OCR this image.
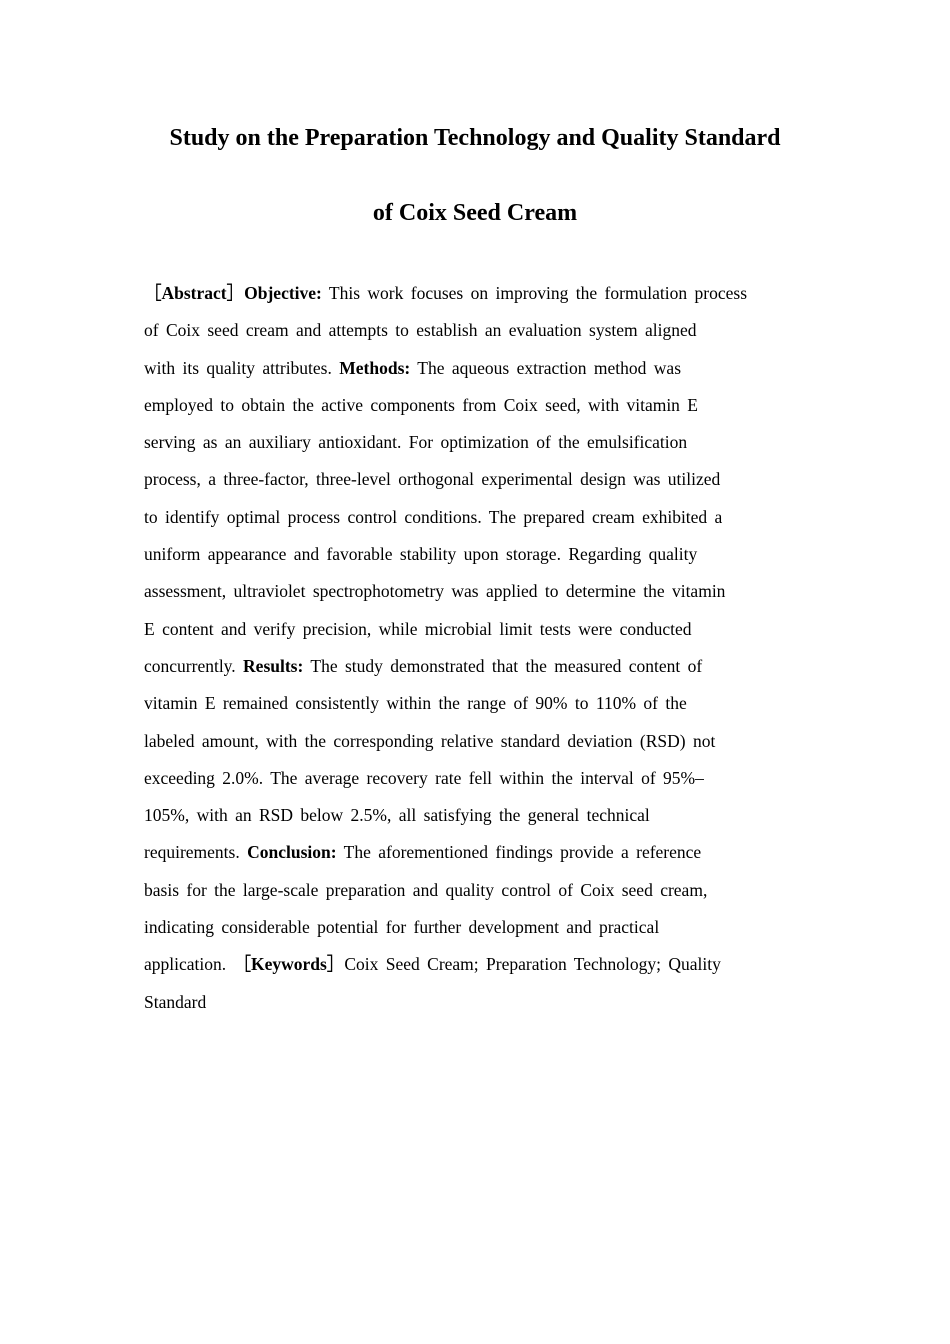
Study on the Preparation Technology and Quality Standard
of Coix Seed Cream
［Abstract］Objective: This work focuses on improving the formulation process
of Coix seed cream and attempts to establish an evaluation system aligned
with its quality attributes. Methods: The aqueous extraction method was
employed to obtain the active components from Coix seed, with vitamin E
serving as an auxiliary antioxidant. For optimization of the emulsification
process, a three-factor, three-level orthogonal experimental design was utilized
to identify optimal process control conditions. The prepared cream exhibited a
uniform appearance and favorable stability upon storage. Regarding quality
assessment, ultraviolet spectrophotometry was applied to determine the vitamin
E content and verify precision, while microbial limit tests were conducted
concurrently. Results: The study demonstrated that the measured content of
vitamin E remained consistently within the range of 90% to 110% of the
labeled amount, with the corresponding relative standard deviation (RSD) not
exceeding 2.0%. The average recovery rate fell within the interval of 95%–
105%, with an RSD below 2.5%, all satisfying the general technical
requirements. Conclusion: The aforementioned findings provide a reference
basis for the large-scale preparation and quality control of Coix seed cream,
indicating considerable potential for further development and practical
application. ［Keywords］Coix Seed Cream; Preparation Technology; Quality
Standard
